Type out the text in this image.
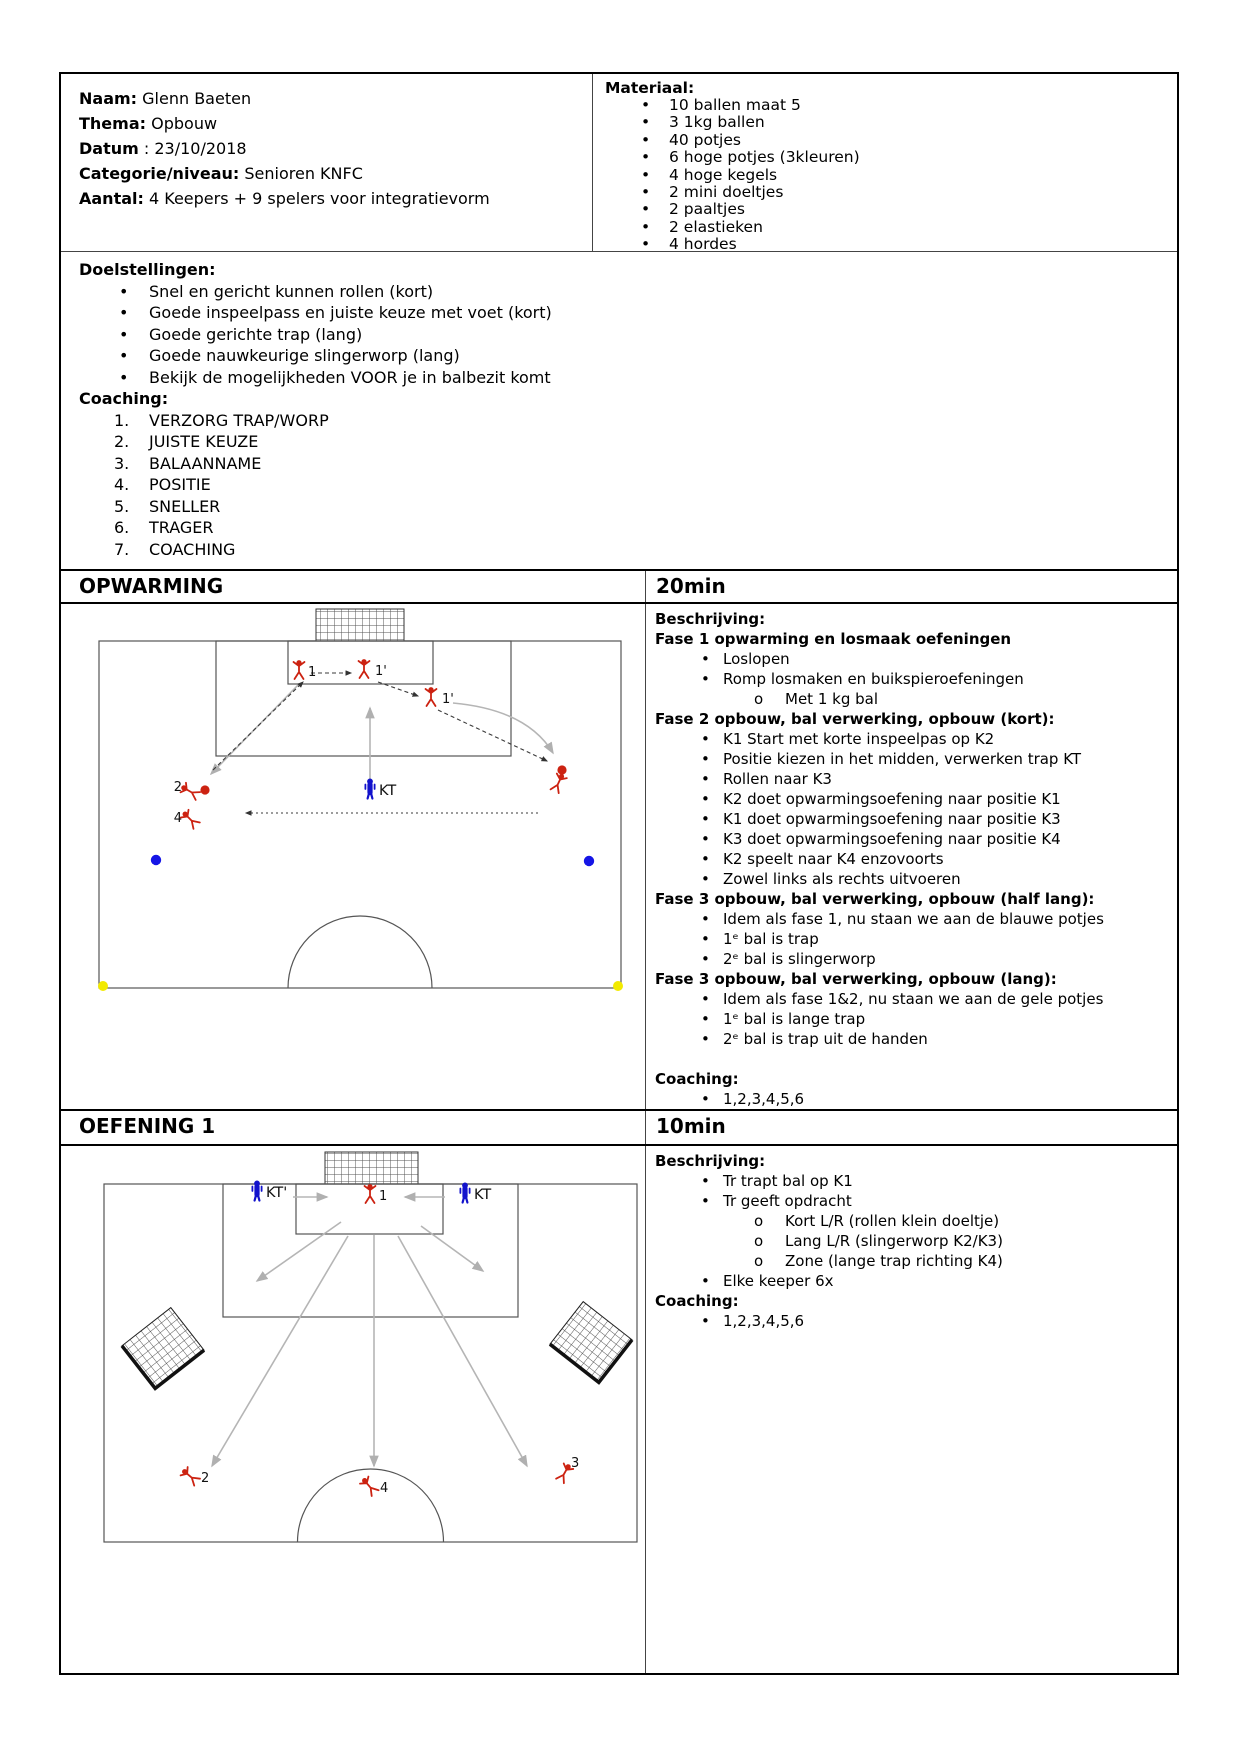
Naam: Glenn Baeten
Thema: Opbouw
Datum : 23/10/2018
Categorie/niveau: Senioren KNFC
Aantal: 4 Keepers + 9 spelers voor integratievorm
Materiaal:
• 10 ballen maat 5
• 3 1kg ballen
• 40 potjes
• 6 hoge potjes (3kleuren)
• 4 hoge kegels
• 2 mini doeltjes
• 2 paaltjes
• 2 elastieken
• 4 hordes
Doelstellingen:
• Snel en gericht kunnen rollen (kort)
• Goede inspeelpass en juiste keuze met voet (kort)
• Goede gerichte trap (lang)
• Goede nauwkeurige slingerworp (lang)
• Bekijk de mogelijkheden VOOR je in balbezit komt
Coaching:
1. VERZORG TRAP/WORP
2. JUISTE KEUZE
3. BALAANNAME
4. POSITIE
5. SNELLER
6. TRAGER
7. COACHING
OPWARMING	20min
1	1'
1'
2
4
KT
Beschrijving:
Fase 1 opwarming en losmaak oefeningen
• Loslopen
• Romp losmaken en buikspieroefeningen
o Met 1 kg bal
Fase 2 opbouw, bal verwerking, opbouw (kort):
• K1 Start met korte inspeelpas op K2
• Positie kiezen in het midden, verwerken trap KT
• Rollen naar K3
• K2 doet opwarmingsoefening naar positie K1
• K1 doet opwarmingsoefening naar positie K3
• K3 doet opwarmingsoefening naar positie K4
• K2 speelt naar K4 enzovoorts
• Zowel links als rechts uitvoeren
Fase 3 opbouw, bal verwerking, opbouw (half lang):
• Idem als fase 1, nu staan we aan de blauwe potjes
• 1ᵉ bal is trap
• 2ᵉ bal is slingerworp
Fase 3 opbouw, bal verwerking, opbouw (lang):
• Idem als fase 1&2, nu staan we aan de gele potjes
• 1ᵉ bal is lange trap
• 2ᵉ bal is trap uit de handen
Coaching:
• 1,2,3,4,5,6
OEFENING 1	10min
1
KT'	KT
2
4
3
Beschrijving:
• Tr trapt bal op K1
• Tr geeft opdracht
o Kort L/R (rollen klein doeltje)
o Lang L/R (slingerworp K2/K3)
o Zone (lange trap richting K4)
• Elke keeper 6x
Coaching:
• 1,2,3,4,5,6
